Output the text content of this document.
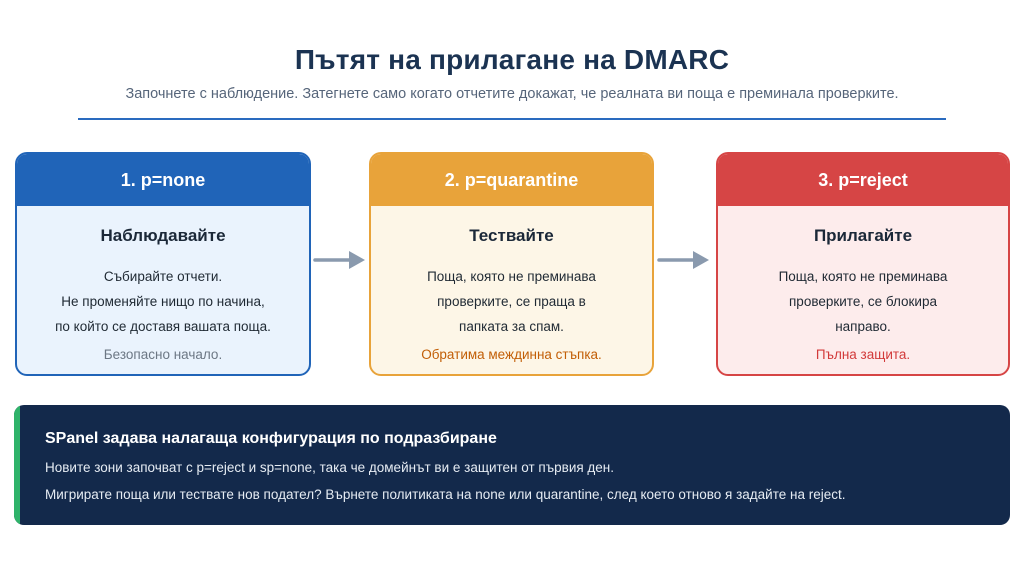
Пътят на прилагане на DMARC
Започнете с наблюдение. Затегнете само когато отчетите докажат, че реалната ви поща е преминала проверките.
1. p=none
Наблюдавайте
Събирайте отчети.
Не променяйте нищо по начина,
по който се доставя вашата поща.
Безопасно начало.
2. p=quarantine
Тествайте
Поща, която не преминава
проверките, се праща в
папката за спам.
Обратима междинна стъпка.
3. p=reject
Прилагайте
Поща, която не преминава
проверките, се блокира
направо.
Пълна защита.
SPanel задава налагаща конфигурация по подразбиране
Новите зони започват с p=reject и sp=none, така че домейнът ви е защитен от първия ден.
Мигрирате поща или тествате нов подател? Върнете политиката на none или quarantine, след което отново я задайте на reject.
